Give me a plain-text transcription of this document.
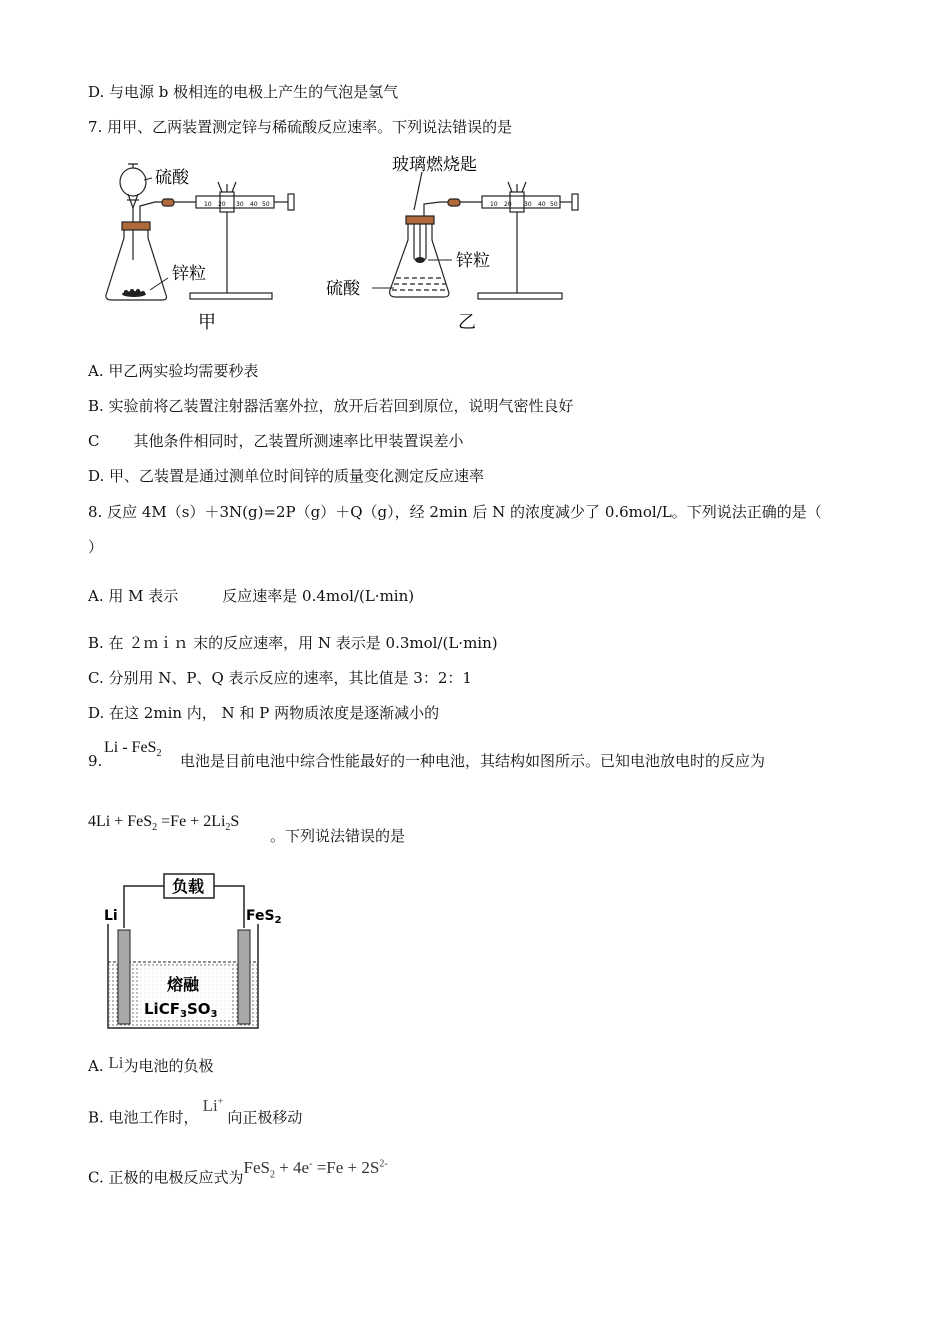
D. 与电源 b 极相连的电极上产生的气泡是氢气
7. 用甲、乙两装置测定锌与稀硫酸反应速率。下列说法错误的是
硫酸
锌粒
甲
10 20 30 40 50
玻璃燃烧匙
锌粒
硫酸
乙
10 20 30 40 50
A. 甲乙两实验均需要秒表
B. 实验前将乙装置注射器活塞外拉，放开后若回到原位，说明气密性良好
C 其他条件相同时，乙装置所测速率比甲装置误差小
D. 甲、乙装置是通过测单位时间锌的质量变化测定反应速率
8. 反应 4M（s）＋3N(g)=2P（g）＋Q（g），经 2min 后 N 的浓度减少了 0.6mol/L。下列说法正确的是（
）
A. 用 M 表示	反应速率是 0.4mol/(L·min)
B. 在 ２ｍｉｎ 末的反应速率，用 N 表示是 0.3mol/(L·min)
C. 分别用 N、P、Q 表示反应的速率，其比值是 3：2：1
D. 在这 2min 内， N 和 P 两物质浓度是逐渐减小的
9.
Li - FeS$_2$ 电池是目前电池中综合性能最好的一种电池，其结构如图所示。已知电池放电时的反应为
$4Li + FeS_2 =Fe + 2Li_2S$
。下列说法错误的是
负载
Li	FeS$_2$
熔融
$LiCF_3SO_3$
A. Li为电池的负极
B. 电池工作时，Li+向正极移动
C. 正极的电极反应式为$FeS_2 + 4e^- =Fe + 2S^{2-}$
